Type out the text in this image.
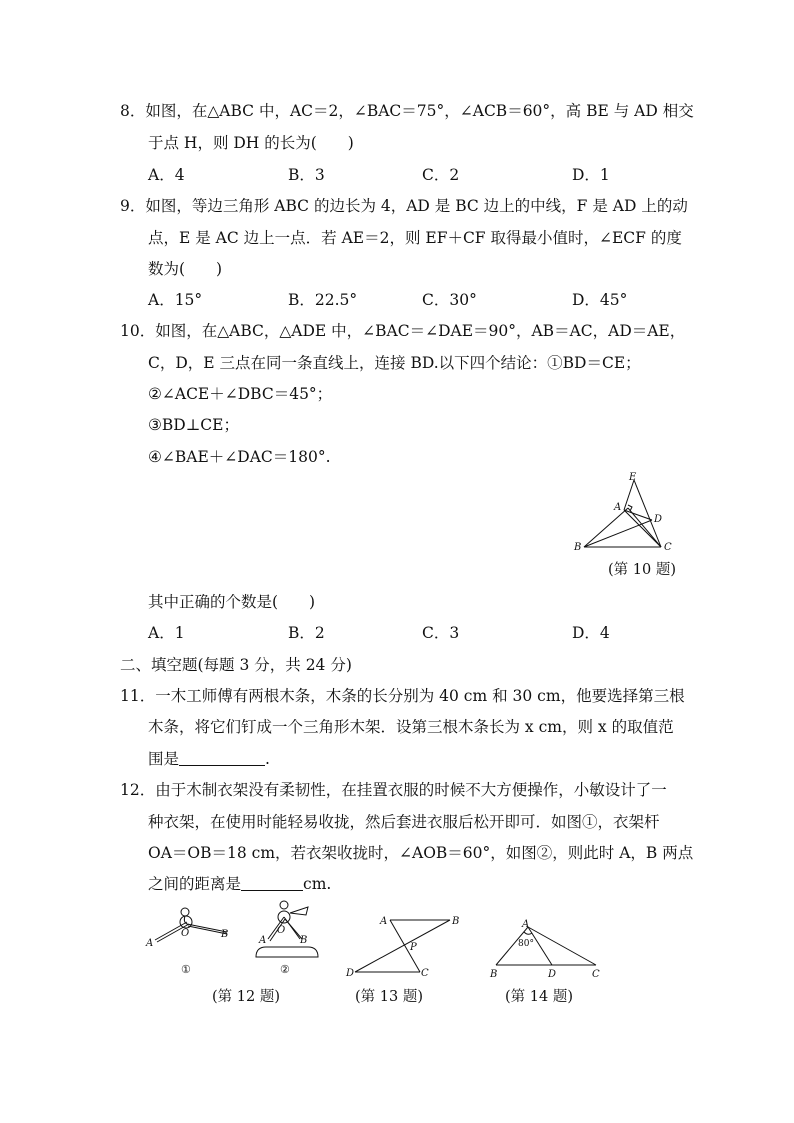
8．如图，在△ABC 中，AC＝2，∠BAC＝75°，∠ACB＝60°，高 BE 与 AD 相交
于点 H，则 DH 的长为(　　)
A．4	B．3	C．2	D．1
9．如图，等边三角形 ABC 的边长为 4，AD 是 BC 边上的中线，F 是 AD 上的动
点，E 是 AC 边上一点．若 AE＝2，则 EF＋CF 取得最小值时，∠ECF 的度
数为(　　)
A．15°	B．22.5°	C．30°	D．45°
10．如图，在△ABC，△ADE 中，∠BAC＝∠DAE＝90°，AB＝AC，AD＝AE，
C，D，E 三点在同一条直线上，连接 BD.以下四个结论：①BD＝CE；
②∠ACE＋∠DBC＝45°；
③BD⊥CE；
④∠BAE＋∠DAC＝180°.
E
A
D
B	C
(第 10 题)
其中正确的个数是(　　)
A．1	B．2	C．3	D．4
二、填空题(每题 3 分，共 24 分)
11．一木工师傅有两根木条，木条的长分别为 40 cm 和 30 cm，他要选择第三根
木条，将它们钉成一个三角形木架．设第三根木条长为 x cm，则 x 的取值范
围是	.
12．由于木制衣架没有柔韧性，在挂置衣服的时候不大方便操作，小敏设计了一
种衣架，在使用时能轻易收拢，然后套进衣服后松开即可．如图①，衣架杆
OA＝OB＝18 cm，若衣架收拢时，∠AOB＝60°，如图②，则此时 A，B 两点
之间的距离是	cm.
A
O	B
①
A
O
B
②
A	B
P
D	C
A
80°
B	D	C
(第 12 题)	(第 13 题)	(第 14 题)
